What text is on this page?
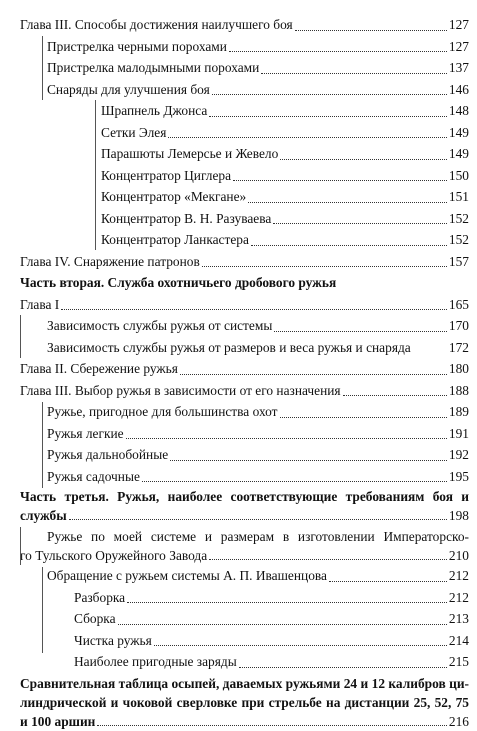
Глава III. Способы достижения наилучшего боя	127
Пристрелка черными порохами	127
Пристрелка малодымными порохами	137
Снаряды для улучшения боя	146
Шрапнель Джонса	148
Сетки Элея	149
Парашюты Лемерсье и Жевело	149
Концентратор Циглера	150
Концентратор «Мекгане»	151
Концентратор В. Н. Разуваева	152
Концентратор Ланкастера	152
Глава IV. Снаряжение патронов	157
Часть вторая. Служба охотничьего дробового ружья
Глава I	165
Зависимость службы ружья от системы	170
Зависимость службы ружья от размеров и веса ружья и снаряда	172
Глава II. Сбережение ружья	180
Глава III. Выбор ружья в зависимости от его назначения	188
Ружье, пригодное для большинства охот	189
Ружья легкие	191
Ружья дальнобойные	192
Ружья садочные	195
Часть третья. Ружья, наиболее соответствующие требованиям боя и
службы	198
Ружье по моей системе и размерам в изготовлении Императорско-
го Тульского Оружейного Завода	210
Обращение с ружьем системы А. П. Ивашенцова	212
Разборка	212
Сборка	213
Чистка ружья	214
Наиболее пригодные заряды	215
Сравнительная таблица осыпей, даваемых ружьями 24 и 12 калибров ци-
линдрической и чоковой сверловке при стрельбе на дистанции 25, 52, 75
и 100 аршин	216
